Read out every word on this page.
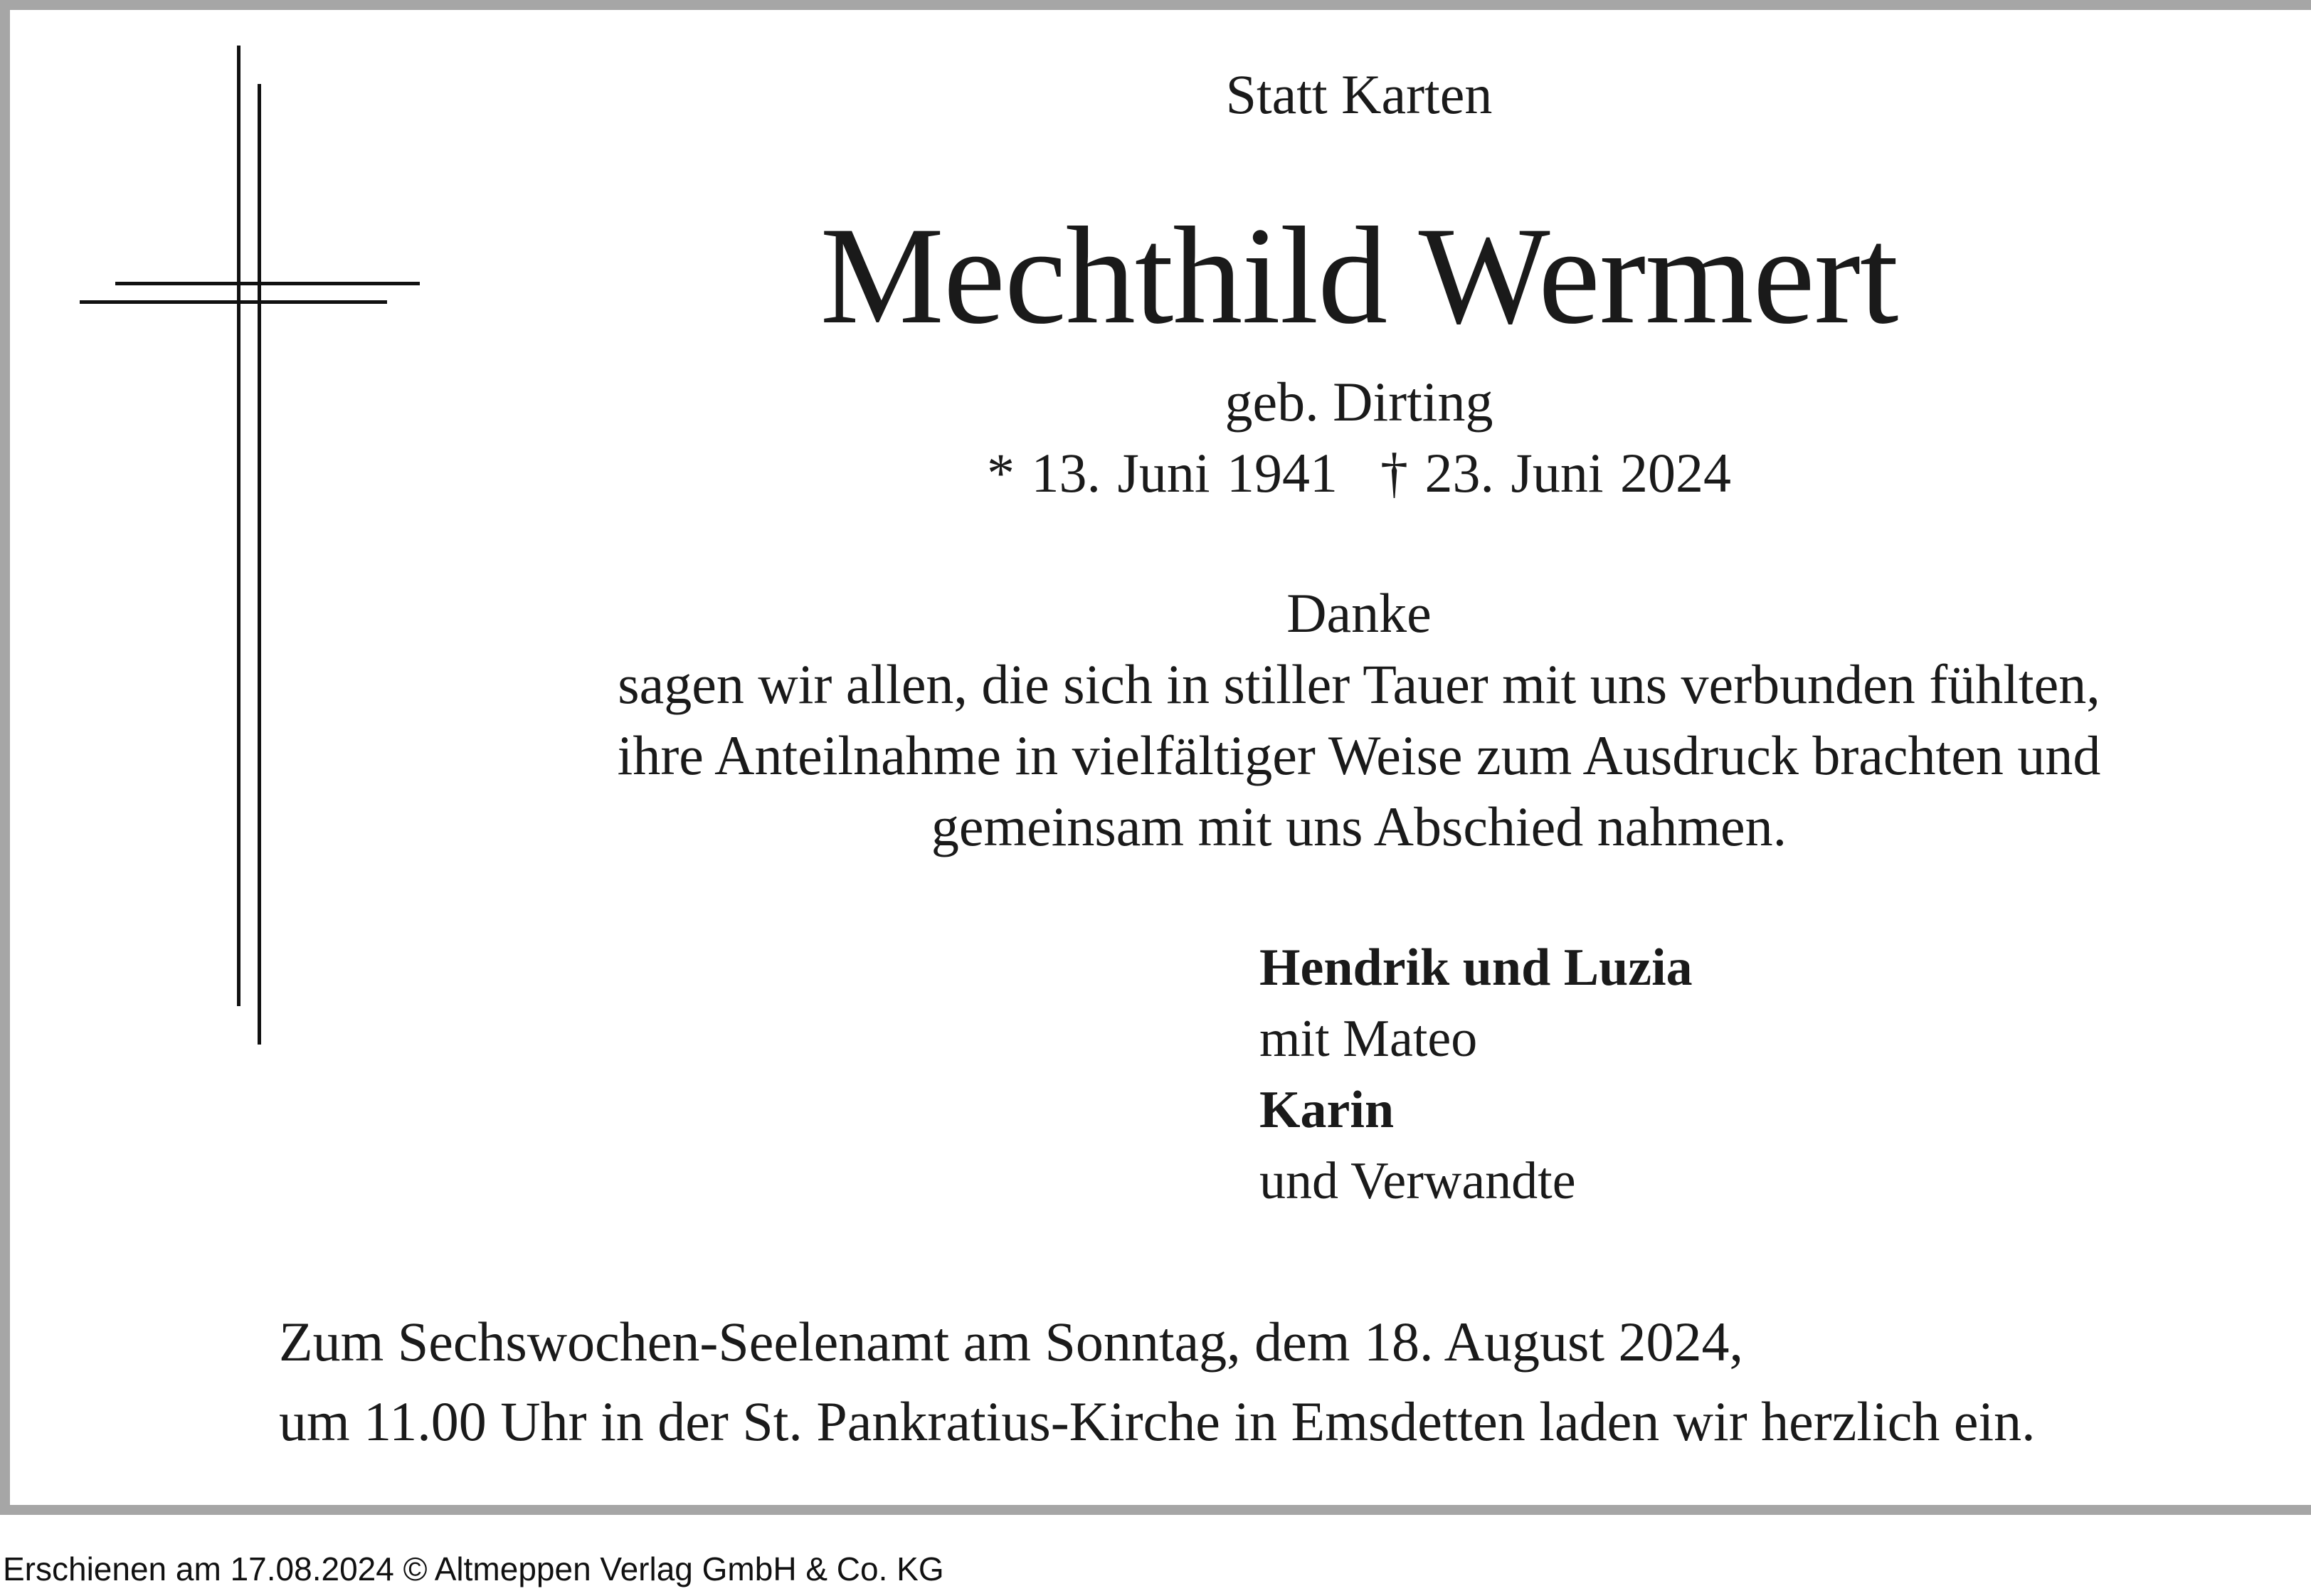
Statt Karten
Mechthild Wermert
geb. Dirting
* 13. Juni 1941 † 23. Juni 2024
Danke
sagen wir allen, die sich in stiller Tauer mit uns verbunden fühlten,
ihre Anteilnahme in vielfältiger Weise zum Ausdruck brachten und
gemeinsam mit uns Abschied nahmen.
Hendrik und Luzia
mit Mateo
Karin
und Verwandte
Zum Sechswochen-Seelenamt am Sonntag, dem 18. August 2024,
um 11.00 Uhr in der St. Pankratius-Kirche in Emsdetten laden wir herzlich ein.
Erschienen am 17.08.2024 © Altmeppen Verlag GmbH & Co. KG
